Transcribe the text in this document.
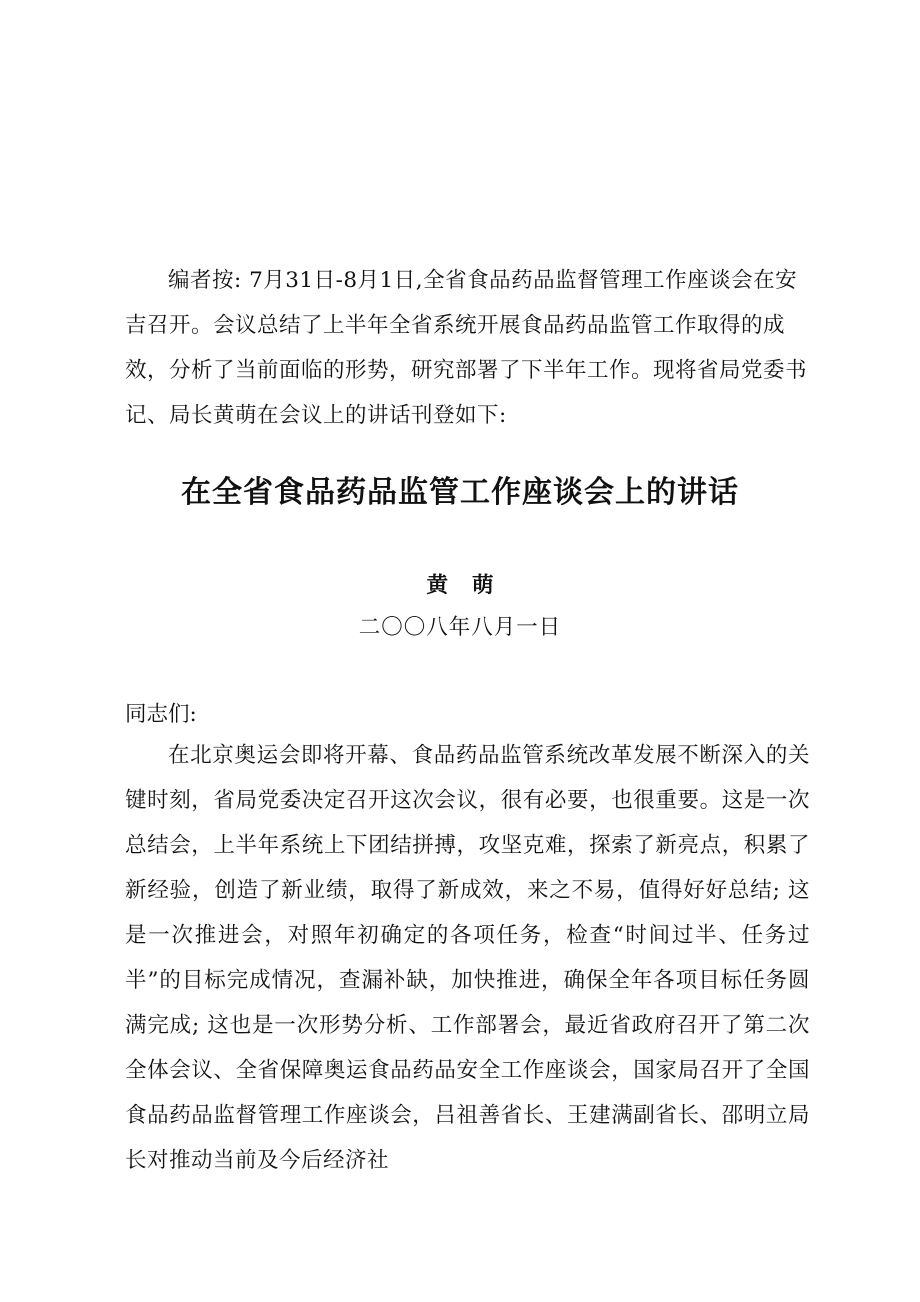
编者按: 7月31日-8月1日,全省食品药品监督管理工作座谈会在安吉召开。会议总结了上半年全省系统开展食品药品监管工作取得的成效，分析了当前面临的形势，研究部署了下半年工作。现将省局党委书记、局长黄萌在会议上的讲话刊登如下:

在全省食品药品监管工作座谈会上的讲话
黄萌
二〇〇八年八月一日
同志们:

在北京奥运会即将开幕、食品药品监管系统改革发展不断深入的关键时刻，省局党委决定召开这次会议，很有必要，也很重要。这是一次总结会，上半年系统上下团结拼搏，攻坚克难，探索了新亮点，积累了新经验，创造了新业绩，取得了新成效，来之不易，值得好好总结; 这是一次推进会，对照年初确定的各项任务，检查“时间过半、任务过半”的目标完成情况，查漏补缺，加快推进，确保全年各项目标任务圆满完成; 这也是一次形势分析、工作部署会，最近省政府召开了第二次全体会议、全省保障奥运食品药品安全工作座谈会，国家局召开了全国食品药品监督管理工作座谈会，吕祖善省长、王建满副省长、邵明立局长对推动当前及今后经济社
